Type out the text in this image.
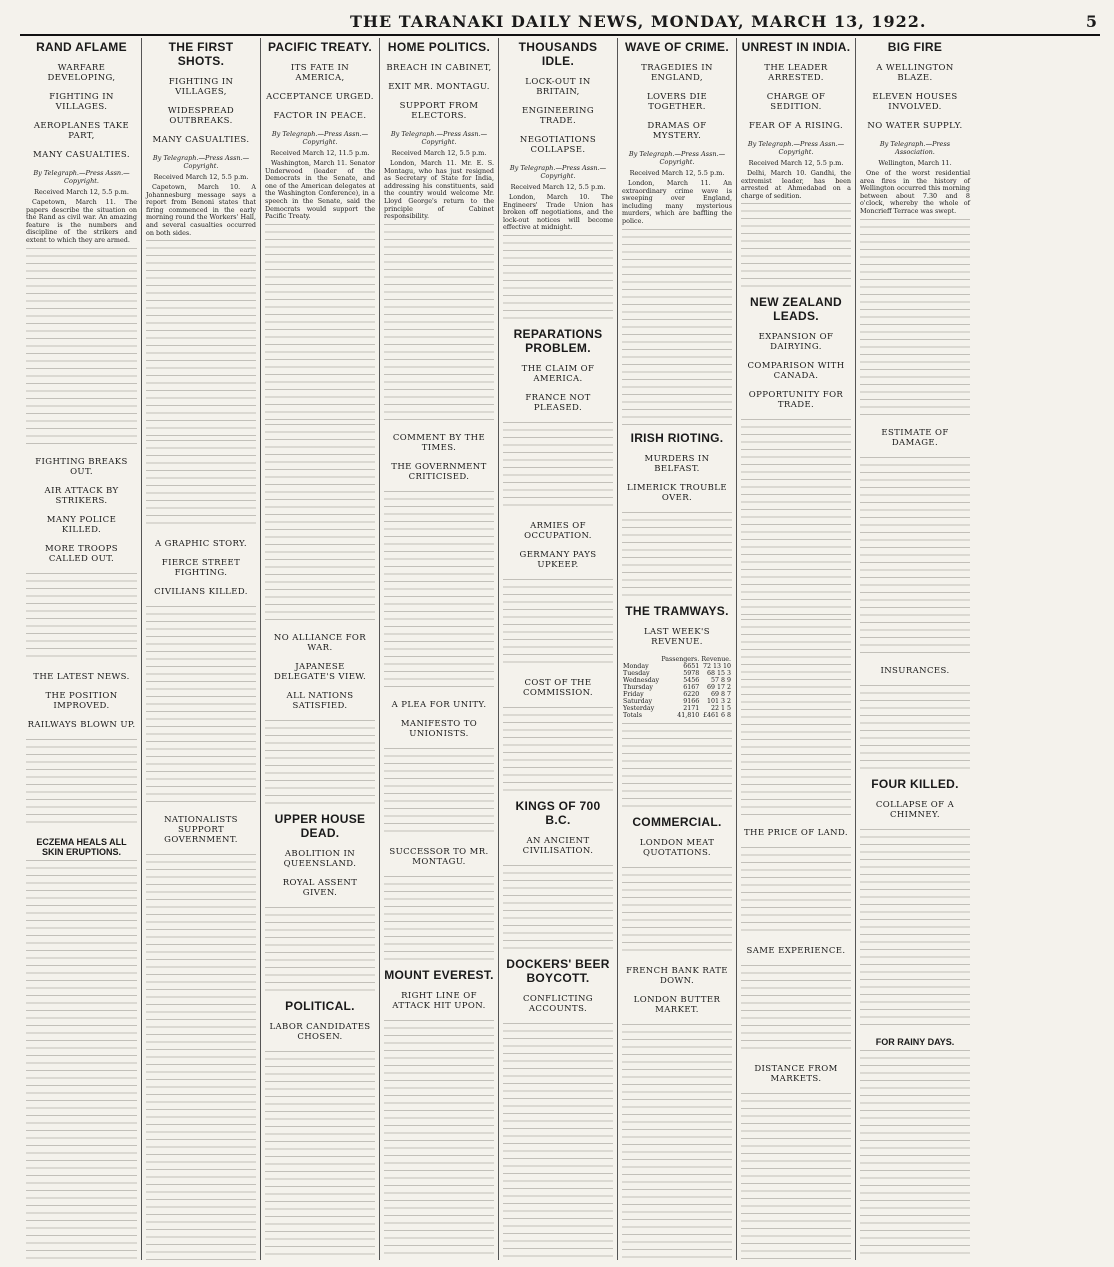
THE TARANAKI DAILY NEWS, MONDAY, MARCH 13, 1922.	5
RAND AFLAME
WARFARE DEVELOPING,
FIGHTING IN VILLAGES.
AEROPLANES TAKE PART,
MANY CASUALTIES.
By Telegraph.—Press Assn.—Copyright.
Received March 12, 5.5 p.m.

Capetown, March 11. The papers describe the situation on the Rand as civil war. An amazing feature is the numbers and discipline of the strikers and extent to which they are armed.

FIGHTING BREAKS OUT.
AIR ATTACK BY STRIKERS.
MANY POLICE KILLED.
MORE TROOPS CALLED OUT.
THE LATEST NEWS.
THE POSITION IMPROVED.
RAILWAYS BLOWN UP.
ECZEMA HEALS ALL SKIN ERUPTIONS.
THE FIRST SHOTS.
FIGHTING IN VILLAGES,
WIDESPREAD OUTBREAKS.
MANY CASUALTIES.
By Telegraph.—Press Assn.—Copyright.
Received March 12, 5.5 p.m.

Capetown, March 10. A Johannesburg message says a report from Benoni states that firing commenced in the early morning round the Workers' Hall, and several casualties occurred on both sides.

A GRAPHIC STORY.
FIERCE STREET FIGHTING.
CIVILIANS KILLED.
NATIONALISTS SUPPORT GOVERNMENT.
PACIFIC TREATY.
ITS FATE IN AMERICA,
ACCEPTANCE URGED.
FACTOR IN PEACE.
By Telegraph.—Press Assn.—Copyright.
Received March 12, 11.5 p.m.

Washington, March 11. Senator Underwood (leader of the Democrats in the Senate, and one of the American delegates at the Washington Conference), in a speech in the Senate, said the Democrats would support the Pacific Treaty.

NO ALLIANCE FOR WAR.
JAPANESE DELEGATE'S VIEW.
ALL NATIONS SATISFIED.
UPPER HOUSE DEAD.
ABOLITION IN QUEENSLAND.
ROYAL ASSENT GIVEN.
POLITICAL.
LABOR CANDIDATES CHOSEN.
HOME POLITICS.
BREACH IN CABINET,
EXIT MR. MONTAGU.
SUPPORT FROM ELECTORS.
By Telegraph.—Press Assn.—Copyright.
Received March 12, 5.5 p.m.

London, March 11. Mr. E. S. Montagu, who has just resigned as Secretary of State for India, addressing his constituents, said the country would welcome Mr. Lloyd George's return to the principle of Cabinet responsibility.

COMMENT BY THE TIMES.
THE GOVERNMENT CRITICISED.
A PLEA FOR UNITY.
MANIFESTO TO UNIONISTS.
SUCCESSOR TO MR. MONTAGU.
MOUNT EVEREST.
RIGHT LINE OF ATTACK HIT UPON.
THOUSANDS IDLE.
LOCK-OUT IN BRITAIN,
ENGINEERING TRADE.
NEGOTIATIONS COLLAPSE.
By Telegraph.—Press Assn.—Copyright.
Received March 12, 5.5 p.m.

London, March 10. The Engineers' Trade Union has broken off negotiations, and the lock-out notices will become effective at midnight.

REPARATIONS PROBLEM.
THE CLAIM OF AMERICA.
FRANCE NOT PLEASED.
ARMIES OF OCCUPATION.
GERMANY PAYS UPKEEP.
COST OF THE COMMISSION.
KINGS OF 700 B.C.
AN ANCIENT CIVILISATION.
DOCKERS' BEER BOYCOTT.
CONFLICTING ACCOUNTS.
WAVE OF CRIME.
TRAGEDIES IN ENGLAND,
LOVERS DIE TOGETHER.
DRAMAS OF MYSTERY.
By Telegraph.—Press Assn.—Copyright.
Received March 12, 5.5 p.m.

London, March 11. An extraordinary crime wave is sweeping over England, including many mysterious murders, which are baffling the police.

IRISH RIOTING.
MURDERS IN BELFAST.
LIMERICK TROUBLE OVER.
THE TRAMWAYS.
LAST WEEK'S REVENUE.
	Passengers.	Revenue.
Monday	6651	72 13 10
Tuesday	5978	68 15 3
Wednesday	5456	57 8 9
Thursday	6167	69 17 2
Friday	6220	69 8 7
Saturday	9166	101 3 2
Yesterday	2171	22 1 5
Totals	41,810	£461 6 8
COMMERCIAL.
LONDON MEAT QUOTATIONS.
FRENCH BANK RATE DOWN.
LONDON BUTTER MARKET.
UNREST IN INDIA.
THE LEADER ARRESTED.
CHARGE OF SEDITION.
FEAR OF A RISING.
By Telegraph.—Press Assn.—Copyright.
Received March 12, 5.5 p.m.

Delhi, March 10. Gandhi, the extremist leader, has been arrested at Ahmedabad on a charge of sedition.

NEW ZEALAND LEADS.
EXPANSION OF DAIRYING.
COMPARISON WITH CANADA.
OPPORTUNITY FOR TRADE.
THE PRICE OF LAND.
SAME EXPERIENCE.
DISTANCE FROM MARKETS.
BIG FIRE
A WELLINGTON BLAZE.
ELEVEN HOUSES INVOLVED.
NO WATER SUPPLY.
By Telegraph.—Press Association.
Wellington, March 11.

One of the worst residential area fires in the history of Wellington occurred this morning between about 7.30 and 8 o'clock, whereby the whole of Moncrieff Terrace was swept.

ESTIMATE OF DAMAGE.
INSURANCES.
FOUR KILLED.
COLLAPSE OF A CHIMNEY.
FOR RAINY DAYS.
